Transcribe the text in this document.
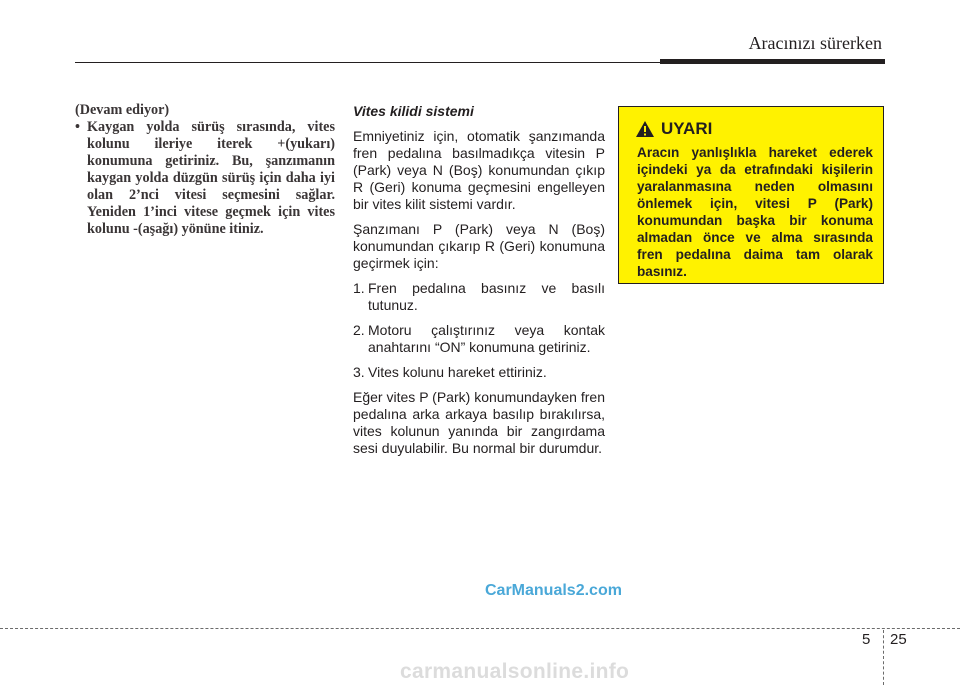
Aracınızı sürerken
(Devam ediyor)
• Kaygan yolda sürüş sırasında, vites kolunu ileriye iterek +(yukarı) konumuna getiriniz. Bu, şanzımanın kaygan yolda düzgün sürüş için daha iyi olan 2’nci vitesi seçmesini sağlar. Yeniden 1’inci vitese geçmek için vites kolunu -(aşağı) yönüne itiniz.
Vites kilidi sistemi

Emniyetiniz için, otomatik şanzımanda fren pedalına basılmadıkça vitesin P (Park) veya N (Boş) konumundan çıkıp R (Geri) konuma geçmesini engelleyen bir vites kilit sistemi vardır.

Şanzımanı P (Park) veya N (Boş) konumundan çıkarıp R (Geri) konumuna geçirmek için:

1. Fren pedalına basınız ve basılı tutunuz.
2. Motoru çalıştırınız veya kontak anahtarını “ON” konumuna getiriniz.
3. Vites kolunu hareket ettiriniz.

Eğer vites P (Park) konumundayken fren pedalına arka arkaya basılıp bırakılırsa, vites kolunun yanında bir zangırdama sesi duyulabilir. Bu normal bir durumdur.

UYARI
Aracın yanlışlıkla hareket ederek içindeki ya da etrafındaki kişilerin yaralanmasına neden olmasını önlemek için, vitesi P (Park) konumundan başka bir konuma almadan önce ve alma sırasında fren pedalına daima tam olarak basınız.
CarManuals2.com
5 25
carmanualsonline.info
